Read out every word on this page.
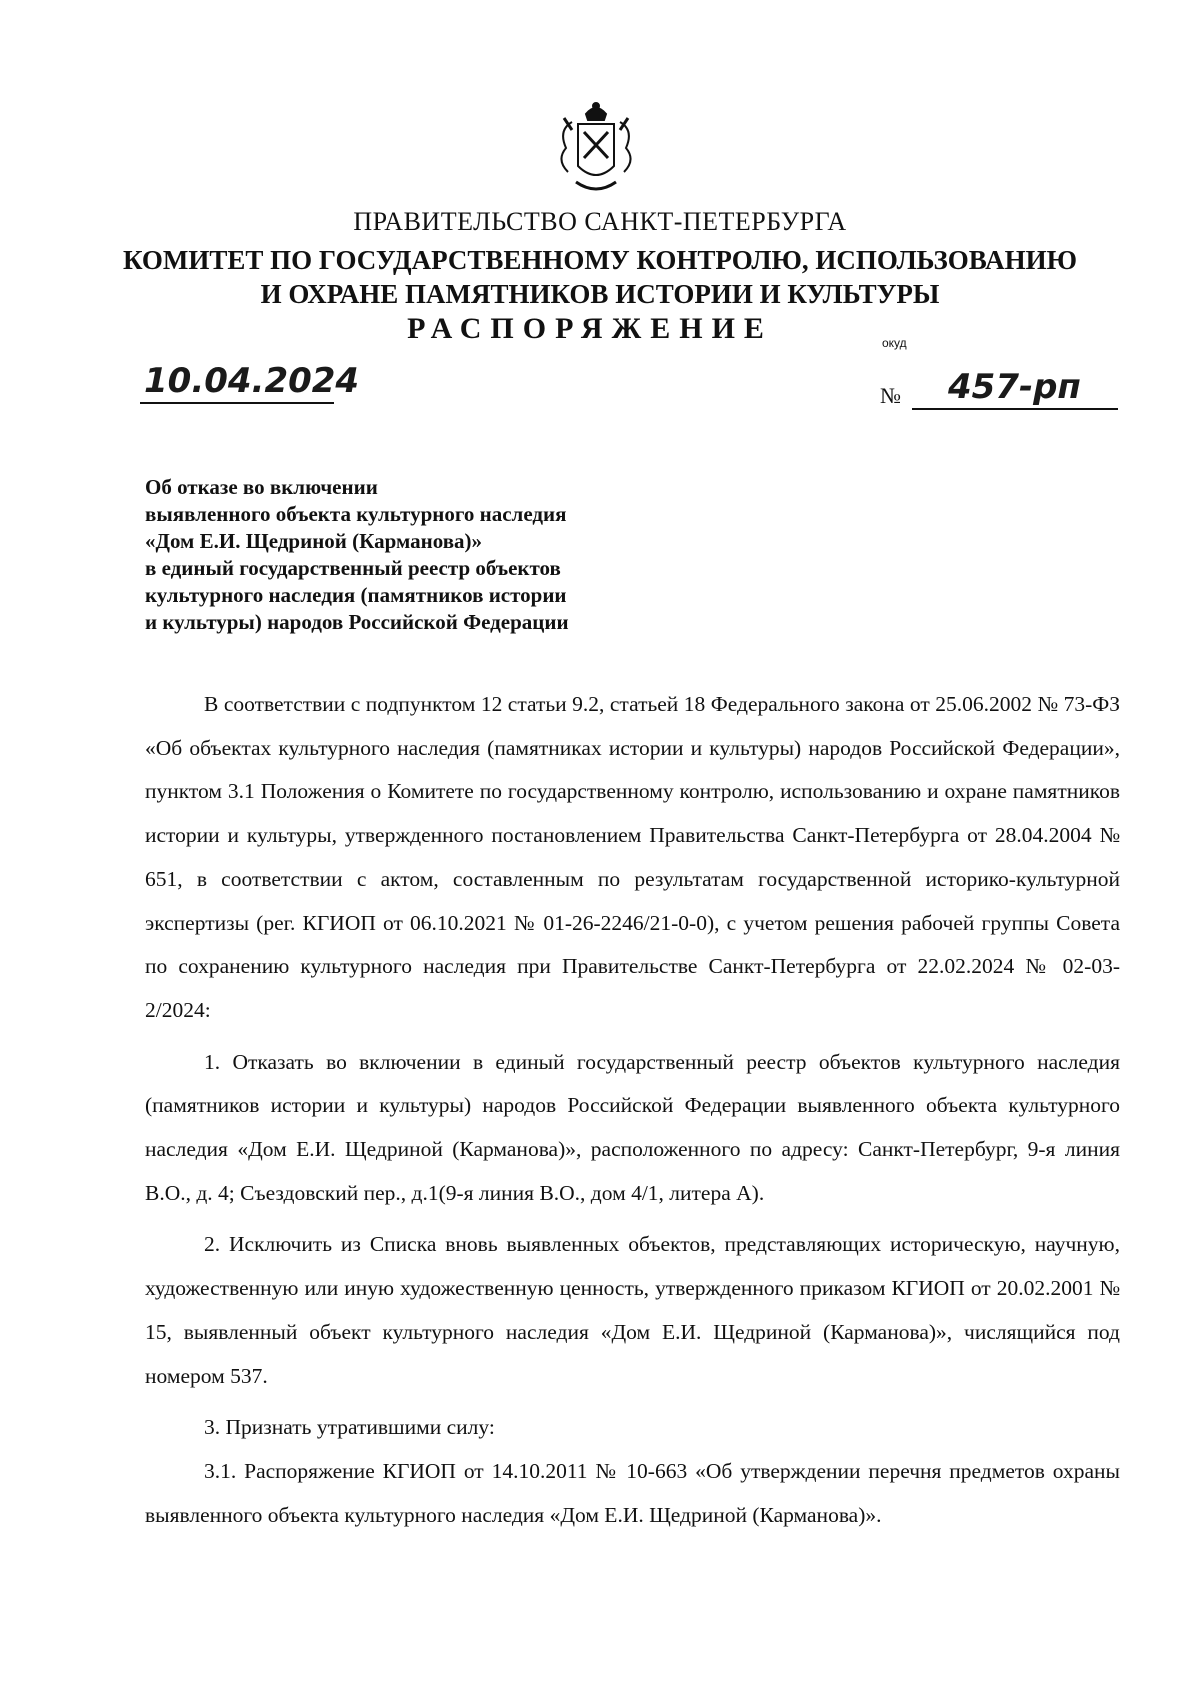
ПРАВИТЕЛЬСТВО САНКТ-ПЕТЕРБУРГА
КОМИТЕТ ПО ГОСУДАРСТВЕННОМУ КОНТРОЛЮ, ИСПОЛЬЗОВАНИЮ
И ОХРАНЕ ПАМЯТНИКОВ ИСТОРИИ И КУЛЬТУРЫ
РАСПОРЯЖЕНИЕ	окуд
10.04.2024	№	457-рп
Об отказе во включении
выявленного объекта культурного наследия
«Дом Е.И. Щедриной (Карманова)»
в единый государственный реестр объектов
культурного наследия (памятников истории
и культуры) народов Российской Федерации

В соответствии с подпунктом 12 статьи 9.2, статьей 18 Федерального закона от 25.06.2002 № 73-ФЗ «Об объектах культурного наследия (памятниках истории и культуры) народов Российской Федерации», пунктом 3.1 Положения о Комитете по государственному контролю, использованию и охране памятников истории и культуры, утвержденного постановлением Правительства Санкт-Петербурга от 28.04.2004 № 651, в соответствии с актом, составленным по результатам государственной историко-культурной экспертизы (рег. КГИОП от 06.10.2021 № 01-26-2246/21-0-0), с учетом решения рабочей группы Совета по сохранению культурного наследия при Правительстве Санкт-Петербурга от 22.02.2024 № 02-03-2/2024:

1. Отказать во включении в единый государственный реестр объектов культурного наследия (памятников истории и культуры) народов Российской Федерации выявленного объекта культурного наследия «Дом Е.И. Щедриной (Карманова)», расположенного по адресу: Санкт-Петербург, 9-я линия В.О., д. 4; Съездовский пер., д.1(9-я линия В.О., дом 4/1, литера А).

2. Исключить из Списка вновь выявленных объектов, представляющих историческую, научную, художественную или иную художественную ценность, утвержденного приказом КГИОП от 20.02.2001 № 15, выявленный объект культурного наследия «Дом Е.И. Щедриной (Карманова)», числящийся под номером 537.

3. Признать утратившими силу:

3.1. Распоряжение КГИОП от 14.10.2011 № 10-663 «Об утверждении перечня предметов охраны выявленного объекта культурного наследия «Дом Е.И. Щедриной (Карманова)».
